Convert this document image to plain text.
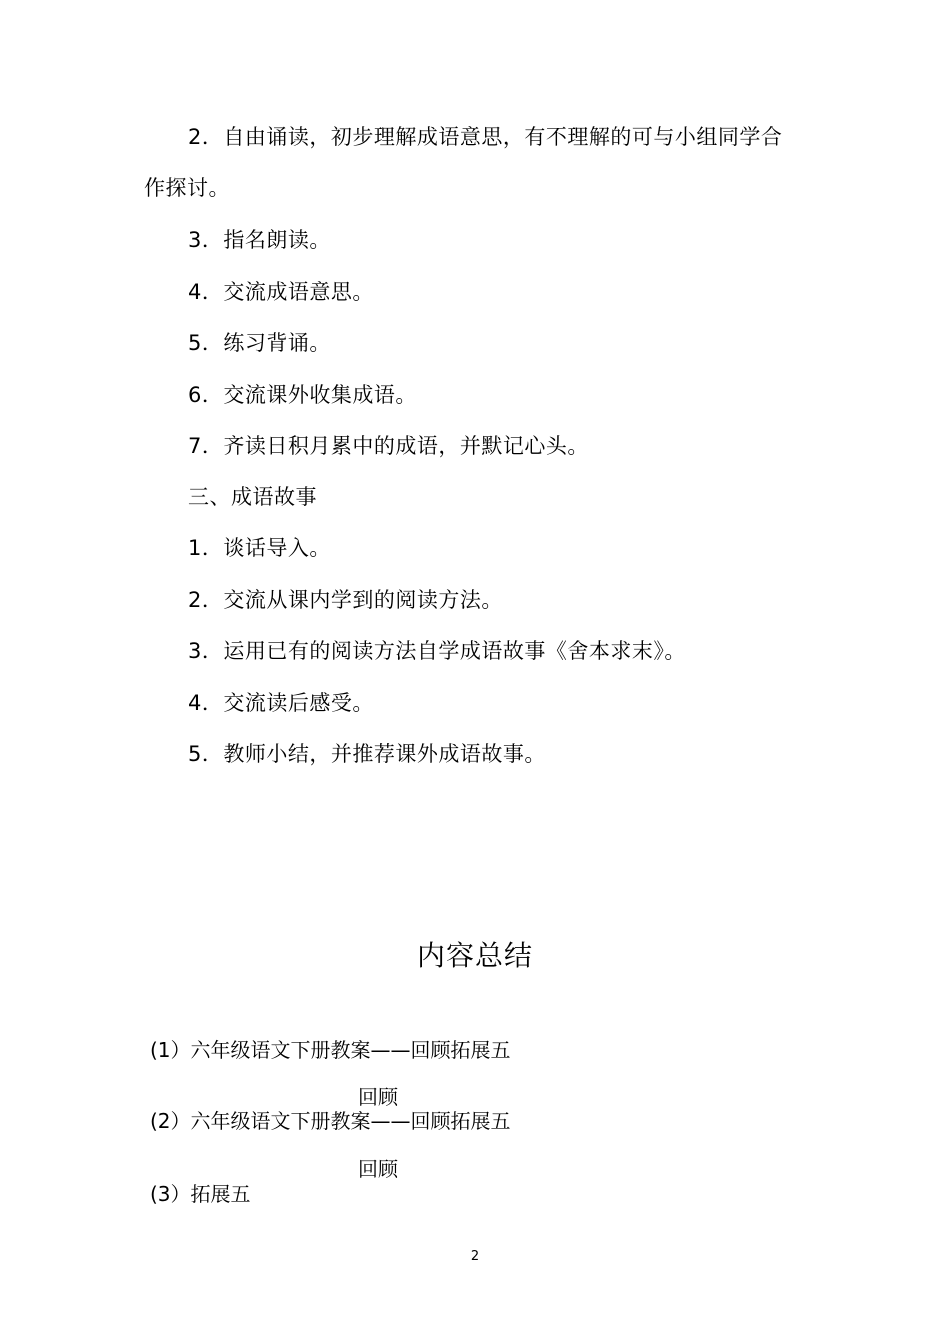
2．自由诵读，初步理解成语意思，有不理解的可与小组同学合
作探讨。
3．指名朗读。
4．交流成语意思。
5．练习背诵。
6．交流课外收集成语。
7．齐读日积月累中的成语，并默记心头。
三、成语故事
1．谈话导入。
2．交流从课内学到的阅读方法。
3．运用已有的阅读方法自学成语故事《舍本求末》。
4．交流读后感受。
5．教师小结，并推荐课外成语故事。
内容总结
(1）六年级语文下册教案——回顾拓展五
回顾
(2）六年级语文下册教案——回顾拓展五
回顾
(3）拓展五
2
